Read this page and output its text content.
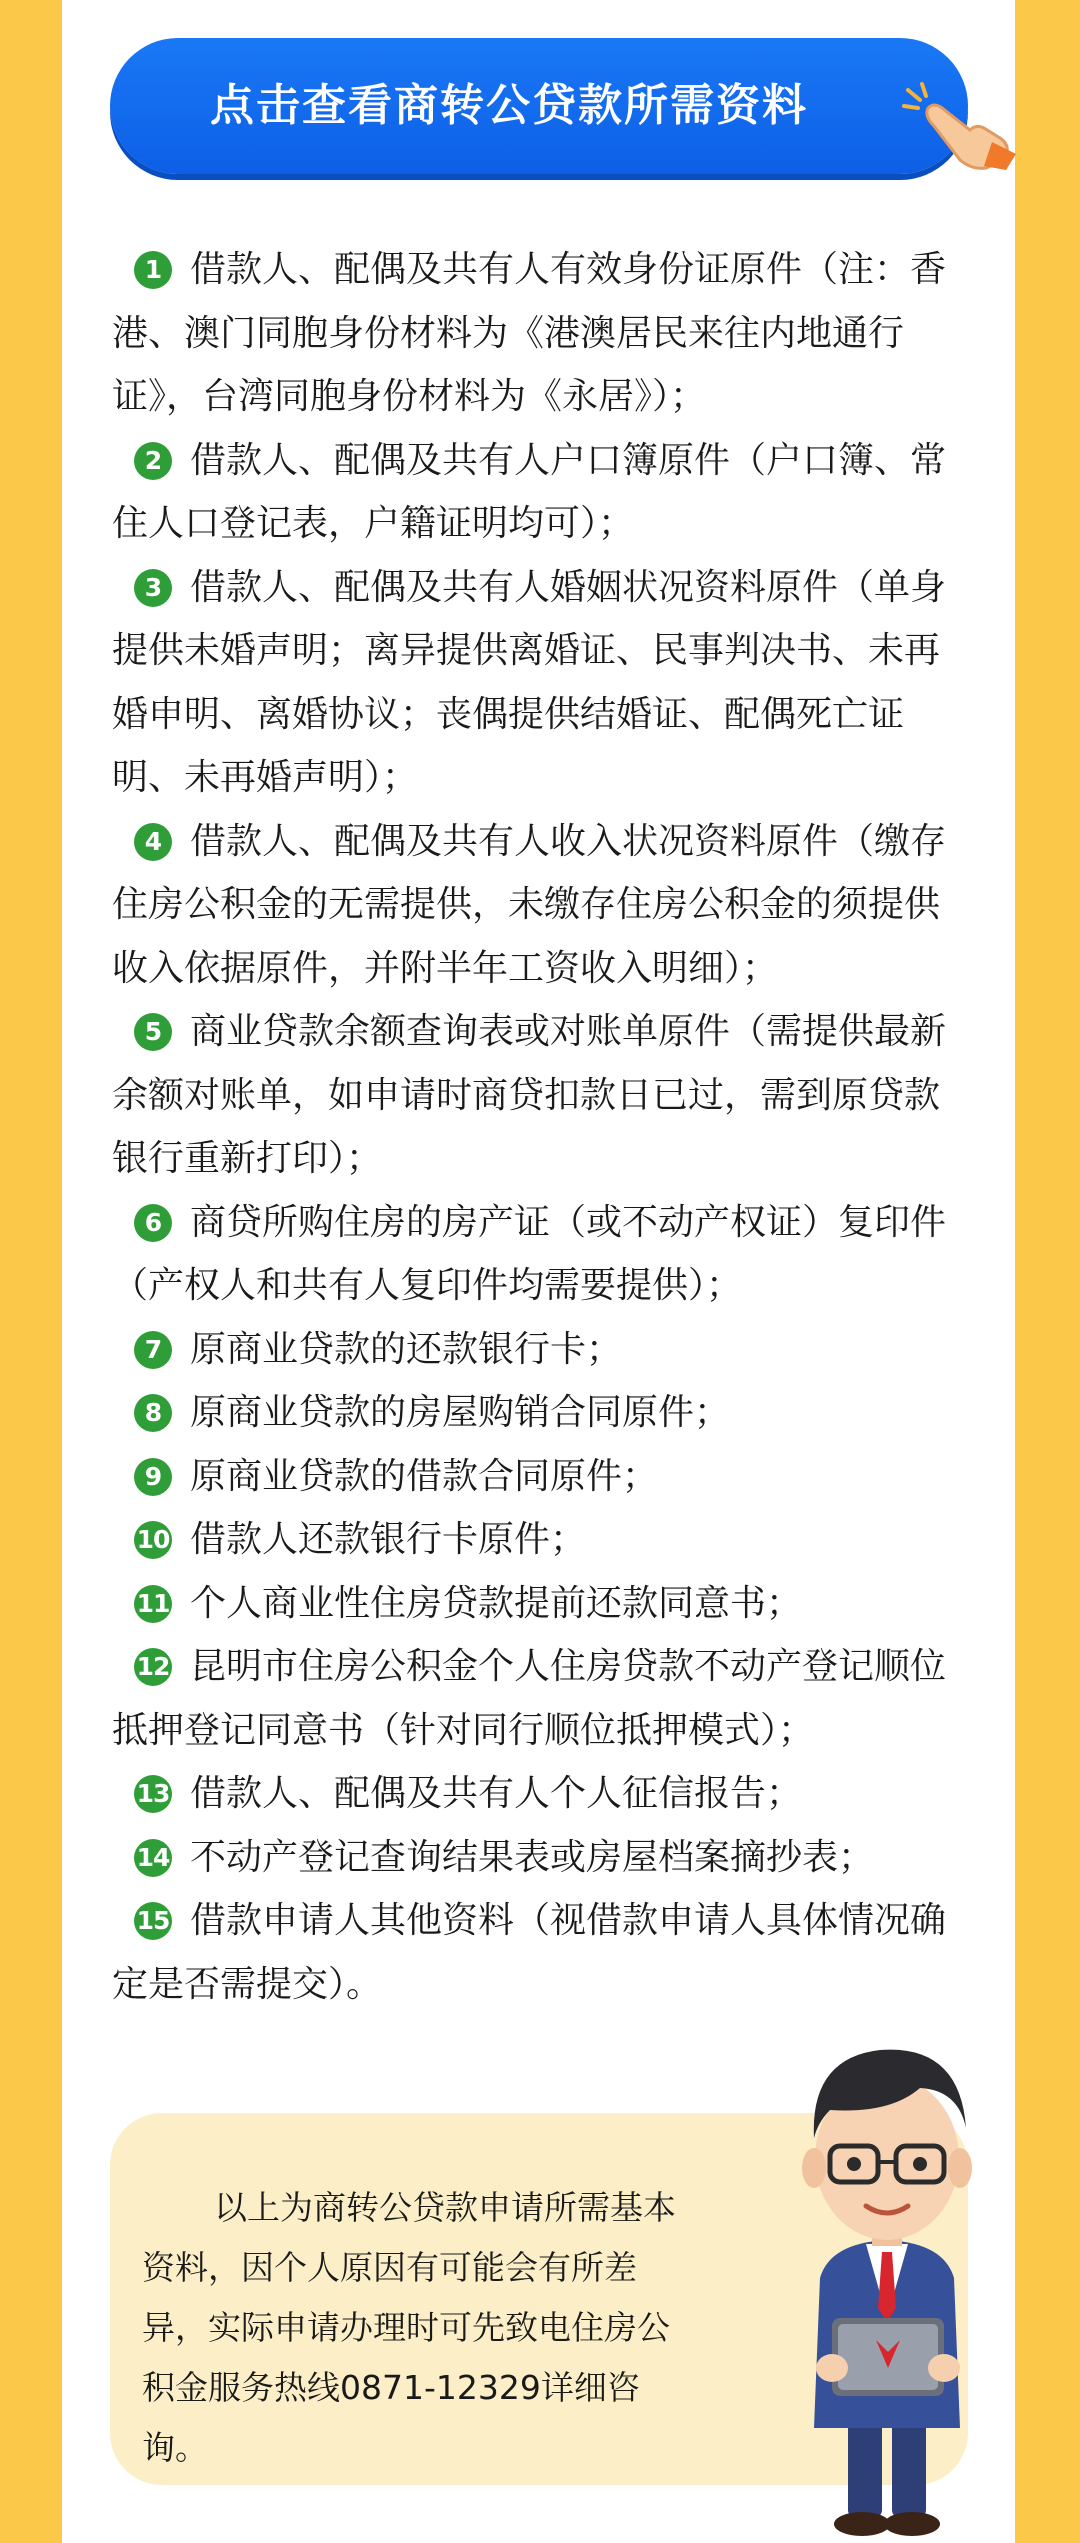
点击查看商转公贷款所需资料
1 借款人、配偶及共有人有效身份证原件（注：香港、澳门同胞身份材料为《港澳居民来往内地通行证》，台湾同胞身份材料为《永居》）；
2 借款人、配偶及共有人户口簿原件（户口簿、常住人口登记表，户籍证明均可）；
3 借款人、配偶及共有人婚姻状况资料原件（单身提供未婚声明；离异提供离婚证、民事判决书、未再婚申明、离婚协议；丧偶提供结婚证、配偶死亡证明、未再婚声明）；
4 借款人、配偶及共有人收入状况资料原件（缴存住房公积金的无需提供，未缴存住房公积金的须提供收入依据原件，并附半年工资收入明细）；
5 商业贷款余额查询表或对账单原件（需提供最新余额对账单，如申请时商贷扣款日已过，需到原贷款银行重新打印）；
6 商贷所购住房的房产证（或不动产权证）复印件（产权人和共有人复印件均需要提供）；
7 原商业贷款的还款银行卡；
8 原商业贷款的房屋购销合同原件；
9 原商业贷款的借款合同原件；
10 借款人还款银行卡原件；
11 个人商业性住房贷款提前还款同意书；
12 昆明市住房公积金个人住房贷款不动产登记顺位抵押登记同意书（针对同行顺位抵押模式）；
13 借款人、配偶及共有人个人征信报告；
14 不动产登记查询结果表或房屋档案摘抄表；
15 借款申请人其他资料（视借款申请人具体情况确定是否需提交）。
以上为商转公贷款申请所需基本资料，因个人原因有可能会有所差异，实际申请办理时可先致电住房公积金服务热线0871-12329详细咨询。
